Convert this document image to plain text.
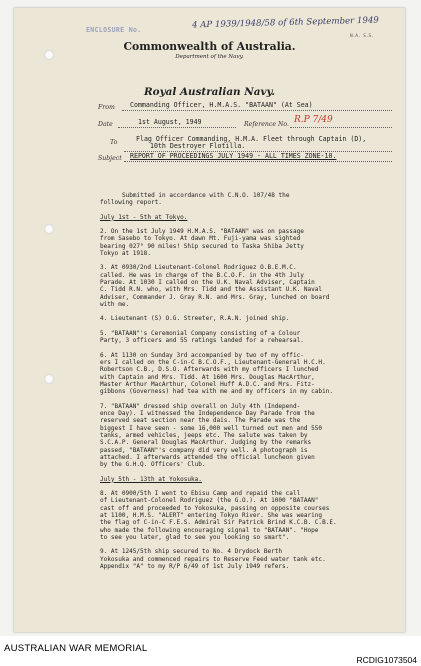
ENCLOSURE No.	4 AP 1939/1948/58 of 6th September 1949
N.A. S.S.
Commonwealth of Australia.
Department of the Navy.
Royal Australian Navy.
From Commanding Officer, H.M.A.S. "BATAAN" (At Sea)
Date	1st August, 1949	Reference No. R.P 7/49
To	Flag Officer Commanding, H.M.A. Fleet through Captain (D),
10th Destroyer Flotilla.
Subject REPORT OF PROCEEDINGS JULY 1949 - ALL TIMES ZONE-10.

Submitted in accordance with C.N.O. 107/48 the

following report.

July 1st - 5th at Tokyo.

2. On the 1st July 1949 H.M.A.S. "BATAAN" was on passage

from Sasebo to Tokyo. At dawn Mt. Fuji-yama was sighted

bearing 027° 90 miles! Ship secured to Taska Shiba Jetty

Tokyo at 1918.

3. At 0930/2nd Lieutenant-Colonel Rodriguez O.B.E.M.C.

called. He was in charge of the B.C.O.F. in the 4th July

Parade. At 1030 I called on the U.K. Naval Adviser, Captain

C. Tidd R.N. who, with Mrs. Tidd and the Assistant U.K. Naval

Adviser, Commander J. Gray R.N. and Mrs. Gray, lunched on board

with me.

4. Lieutenant (S) O.G. Streeter, R.A.N. joined ship.

5. "BATAAN"'s Ceremonial Company consisting of a Colour

Party, 3 officers and 55 ratings landed for a rehearsal.

6. At 1130 on Sunday 3rd accompanied by two of my offic-

ers I called on the C-in-C B.C.O.F., Lieutenant-General H.C.H.

Robertson C.B., D.S.O. Afterwards with my officers I lunched

with Captain and Mrs. Tidd. At 1600 Mrs. Douglas MacArthur,

Master Arthur MacArthur, Colonel Huff A.D.C. and Mrs. Fitz-

gibbons (Governess) had tea with me and my officers in my cabin.

7. "BATAAN" dressed ship overall on July 4th (Independ-

ence Day). I witnessed the Independence Day Parade from the

reserved seat section near the dais. The Parade was the

biggest I have seen - some 16,000 well turned out men and 550

tanks, armed vehicles, jeeps etc. The salute was taken by

S.C.A.P. General Douglas MacArthur. Judging by the remarks

passed, "BATAAN"'s company did very well. A photograph is

attached. I afterwards attended the official luncheon given

by the G.H.Q. Officers' Club.

July 5th - 13th at Yokosuka.

8. At 0900/5th I went to Ebisu Camp and repaid the call

of Lieutenant-Colonel Rodriguez (the G.O.). At 1000 "BATAAN"

cast off and proceeded to Yokosuka, passing on opposite courses

at 1100, H.M.S. "ALERT" entering Tokyo River. She was wearing

the flag of C-in-C F.E.S. Admiral Sir Patrick Brind K.C.B. C.B.E.

who made the following encouraging signal to "BATAAN". "Hope

to see you later, glad to see you looking so smart".

9. At 1245/5th ship secured to No. 4 Drydock Berth

Yokosuka and commenced repairs to Reserve Feed water tank etc.

Appendix "A" to my R/P 6/49 of 1st July 1949 refers.

AUSTRALIAN WAR MEMORIAL
RCDIG1073504
